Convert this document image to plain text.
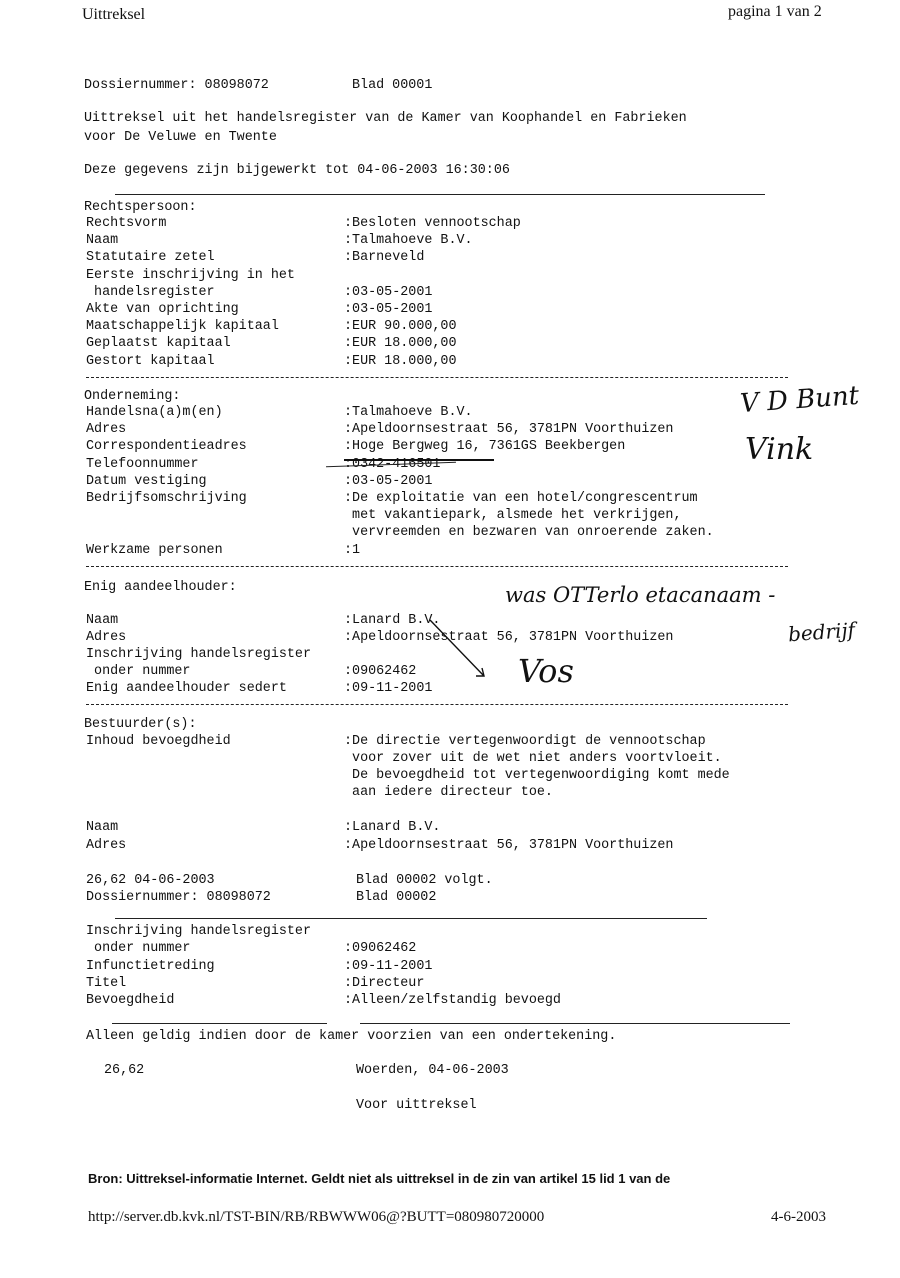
Uittreksel	pagina 1 van 2
Dossiernummer: 08098072	Blad 00001
Uittreksel uit het handelsregister van de Kamer van Koophandel en Fabrieken
voor De Veluwe en Twente
Deze gegevens zijn bijgewerkt tot 04-06-2003 16:30:06
Rechtspersoon:
Rechtsvorm	:Besloten vennootschap
Naam	:Talmahoeve B.V.
Statutaire zetel	:Barneveld
Eerste inschrijving in het
handelsregister	:03-05-2001
Akte van oprichting	:03-05-2001
Maatschappelijk kapitaal	:EUR 90.000,00
Geplaatst kapitaal	:EUR 18.000,00
Gestort kapitaal	:EUR 18.000,00
Onderneming:
Handelsna(a)m(en)	:Talmahoeve B.V.
Adres	:Apeldoornsestraat 56, 3781PN Voorthuizen
Correspondentieadres	:Hoge Bergweg 16, 7361GS Beekbergen
Telefoonnummer	:0342-416501
Datum vestiging	:03-05-2001
Bedrijfsomschrijving	:De exploitatie van een hotel/congrescentrum
met vakantiepark, alsmede het verkrijgen,
vervreemden en bezwaren van onroerende zaken.
Werkzame personen	:1
Enig aandeelhouder:
Naam	:Lanard B.V.
Adres	:Apeldoornsestraat 56, 3781PN Voorthuizen
Inschrijving handelsregister
onder nummer	:09062462
Enig aandeelhouder sedert	:09-11-2001
Bestuurder(s):
Inhoud bevoegdheid	:De directie vertegenwoordigt de vennootschap
voor zover uit de wet niet anders voortvloeit.
De bevoegdheid tot vertegenwoordiging komt mede
aan iedere directeur toe.
Naam	:Lanard B.V.
Adres	:Apeldoornsestraat 56, 3781PN Voorthuizen
26,62 04-06-2003	Blad 00002 volgt.
Dossiernummer: 08098072	Blad 00002
Inschrijving handelsregister
onder nummer	:09062462
Infunctietreding	:09-11-2001
Titel	:Directeur
Bevoegdheid	:Alleen/zelfstandig bevoegd
Alleen geldig indien door de kamer voorzien van een ondertekening.
26,62	Woerden, 04-06-2003
Voor uittreksel
V D Bunt
Vink
was OTTerlo etacanaam -
bedrijf
Vos
Bron: Uittreksel-informatie Internet. Geldt niet als uittreksel in de zin van artikel 15 lid 1 van de
http://server.db.kvk.nl/TST-BIN/RB/RBWWW06@?BUTT=080980720000	4-6-2003
